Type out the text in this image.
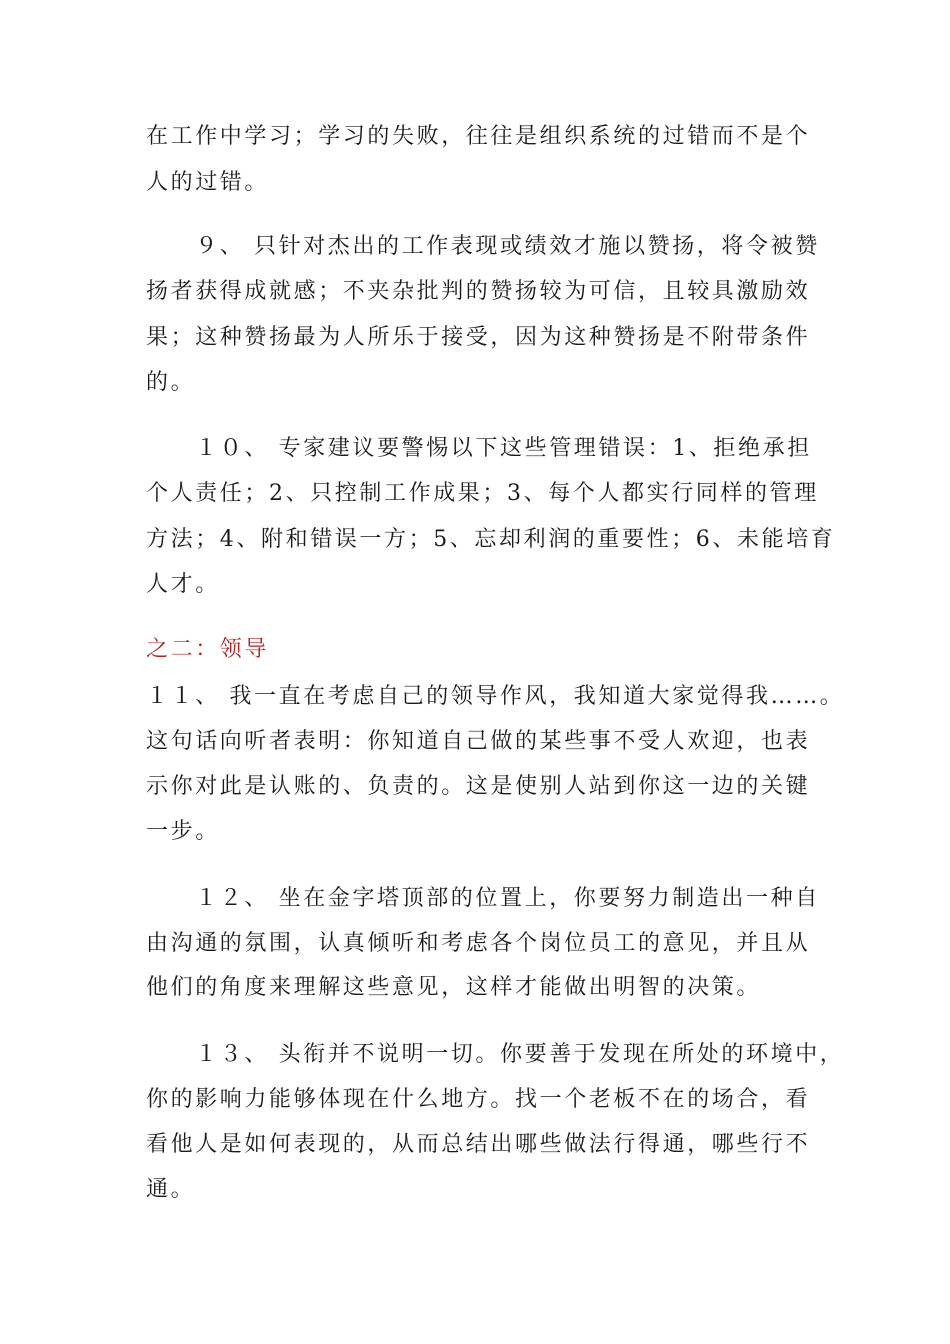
在工作中学习；学习的失败，往往是组织系统的过错而不是个
人的过错。
　　９、 只针对杰出的工作表现或绩效才施以赞扬，将令被赞
扬者获得成就感；不夹杂批判的赞扬较为可信，且较具激励效
果；这种赞扬最为人所乐于接受，因为这种赞扬是不附带条件
的。
　　１０、 专家建议要警惕以下这些管理错误：1、拒绝承担
个人责任；2、只控制工作成果；3、每个人都实行同样的管理
方法；4、附和错误一方；5、忘却利润的重要性；6、未能培育
人才。
之二：领导
１１、 我一直在考虑自己的领导作风，我知道大家觉得我……。
这句话向听者表明：你知道自己做的某些事不受人欢迎，也表
示你对此是认账的、负责的。这是使别人站到你这一边的关键
一步。
　　１２、 坐在金字塔顶部的位置上，你要努力制造出一种自
由沟通的氛围，认真倾听和考虑各个岗位员工的意见，并且从
他们的角度来理解这些意见，这样才能做出明智的决策。
　　１３、 头衔并不说明一切。你要善于发现在所处的环境中，
你的影响力能够体现在什么地方。找一个老板不在的场合，看
看他人是如何表现的，从而总结出哪些做法行得通，哪些行不
通。
